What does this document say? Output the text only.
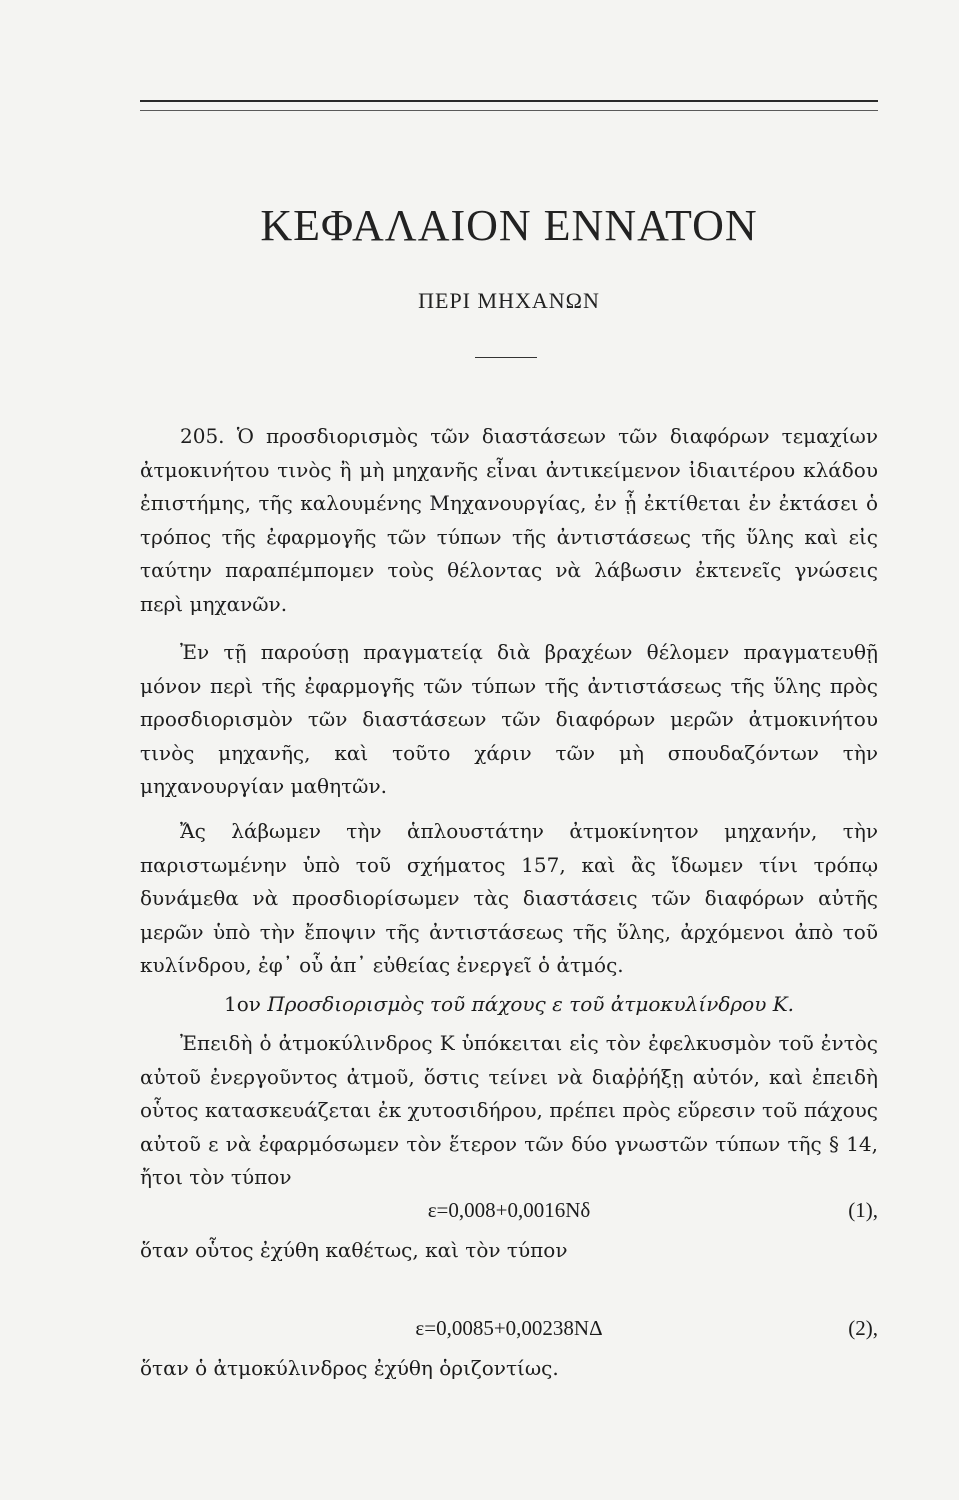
ΚΕΦΑΛΑΙΟΝ ΕΝΝΑΤΟΝ
ΠΕΡΙ ΜΗΧΑΝΩΝ
205. Ὁ προσδιορισμὸς τῶν διαστάσεων τῶν διαφόρων τεμαχίων ἀτμοκινήτου τινὸς ἢ μὴ μηχανῆς εἶναι ἀντικείμενον ἰδιαιτέρου κλάδου ἐπιστήμης, τῆς καλουμένης Μηχανουργίας, ἐν ᾗ ἐκτίθεται ἐν ἐκτάσει ὁ τρόπος τῆς ἐφαρμογῆς τῶν τύπων τῆς ἀντιστάσεως τῆς ὕλης καὶ εἰς ταύτην παραπέμπομεν τοὺς θέλοντας νὰ λάβωσιν ἐκτενεῖς γνώσεις περὶ μηχανῶν.
Ἐν τῇ παρούσῃ πραγματείᾳ διὰ βραχέων θέλομεν πραγματευθῇ μόνον περὶ τῆς ἐφαρμογῆς τῶν τύπων τῆς ἀντιστάσεως τῆς ὕλης πρὸς προσδιορισμὸν τῶν διαστάσεων τῶν διαφόρων μερῶν ἀτμοκινήτου τινὸς μηχανῆς, καὶ τοῦτο χάριν τῶν μὴ σπουδαζόντων τὴν μηχανουργίαν μαθητῶν.
Ἄς λάβωμεν τὴν ἁπλουστάτην ἀτμοκίνητον μηχανήν, τὴν παριστωμένην ὑπὸ τοῦ σχήματος 157, καὶ ἂς ἴδωμεν τίνι τρόπῳ δυνάμεθα νὰ προσδιορίσωμεν τὰς διαστάσεις τῶν διαφόρων αὐτῆς μερῶν ὑπὸ τὴν ἔποψιν τῆς ἀντιστάσεως τῆς ὕλης, ἀρχόμενοι ἀπὸ τοῦ κυλίνδρου, ἐφ᾽ οὗ ἀπ᾽ εὐθείας ἐνεργεῖ ὁ ἀτμός.
1ον Προσδιορισμὸς τοῦ πάχους ε τοῦ ἀτμοκυλίνδρου Κ.
Ἐπειδὴ ὁ ἀτμοκύλινδρος Κ ὑπόκειται εἰς τὸν ἐφελκυσμὸν τοῦ ἐντὸς αὐτοῦ ἐνεργοῦντος ἀτμοῦ, ὅστις τείνει νὰ διαῤῥήξῃ αὐτόν, καὶ ἐπειδὴ οὗτος κατασκευάζεται ἐκ χυτοσιδήρου, πρέπει πρὸς εὕρεσιν τοῦ πάχους αὐτοῦ ε νὰ ἐφαρμόσωμεν τὸν ἕτερον τῶν δύο γνωστῶν τύπων τῆς § 14, ἤτοι τὸν τύπον
ε=0,008+0,0016Nδ	(1),
ὅταν οὗτος ἐχύθη καθέτως, καὶ τὸν τύπον
ε=0,0085+0,00238NΔ	(2),
ὅταν ὁ ἀτμοκύλινδρος ἐχύθη ὁριζοντίως.
